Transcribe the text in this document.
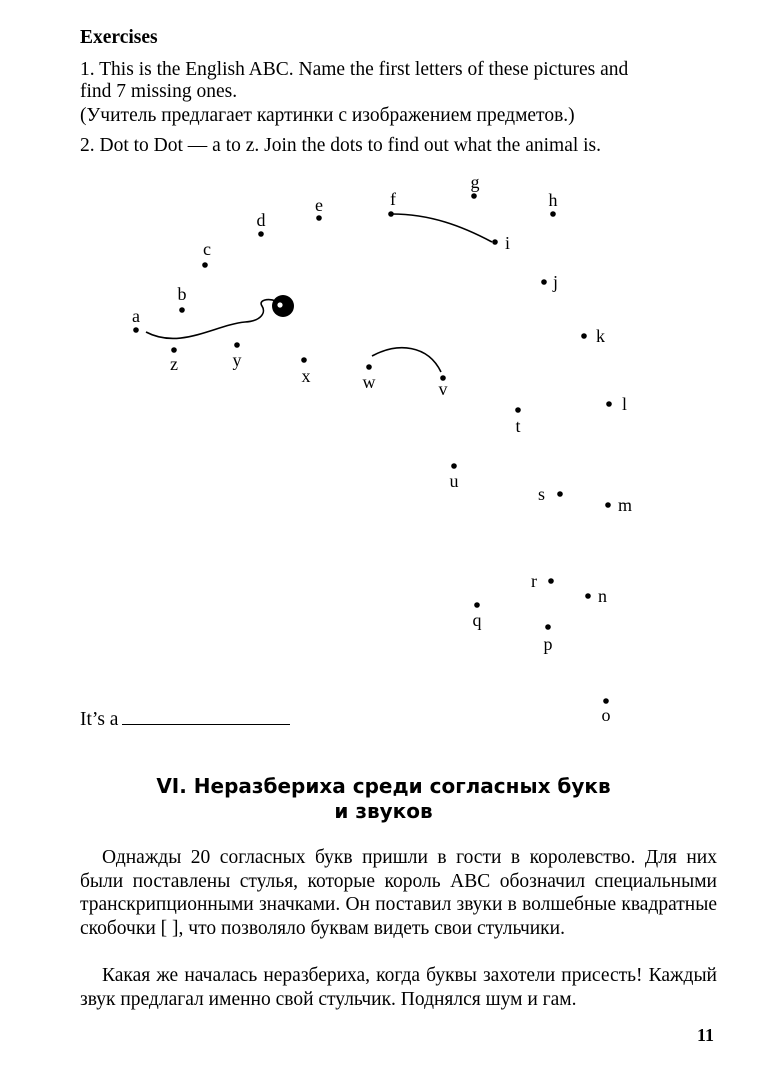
Exercises
1. This is the English ABC. Name the first letters of these pictures and
find 7 missing ones.
(Учитель предлагает картинки с изображением предметов.)
2. Dot to Dot — a to z. Join the dots to find out what the animal is.
a
b
c
d
e	f
g
h
i
j
k
l
m
n
o
p
q
r
s
t
u
v
w
x
y
z
It’s a
VI. Неразбериха среди согласных букв
и звуков
Однажды 20 согласных букв пришли в гости в королевство. Для них были поставлены стулья, которые король ABC обозначил специальными транскрипционными значками. Он поставил звуки в волшебные квадратные скобочки [ ], что позволяло буквам видеть свои стульчики.
Какая же началась неразбериха, когда буквы захотели присесть! Каждый звук предлагал именно свой стульчик. Поднялся шум и гам.
11
